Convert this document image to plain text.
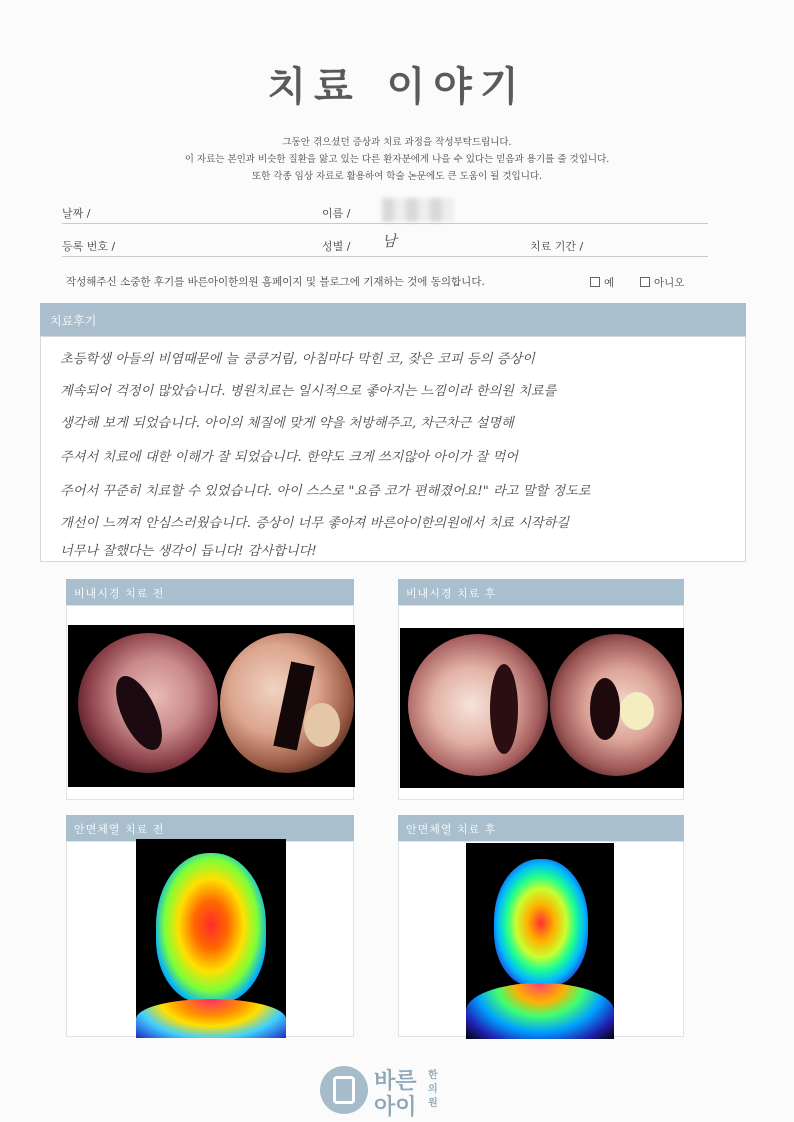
치료 이야기
그동안 겪으셨던 증상과 치료 과정을 작성부탁드립니다.
이 자료는 본인과 비슷한 질환을 앓고 있는 다른 환자분에게 나을 수 있다는 믿음과 용기를 줄 것입니다.
또한 각종 임상 자료로 활용하여 학술 논문에도 큰 도움이 될 것입니다.
날짜 /	이름 /
등록 번호 /	성별 / 남	치료 기간 /
작성해주신 소중한 후기를 바른아이한의원 홈페이지 및 블로그에 기재하는 것에 동의합니다.	예	아니오
치료후기
초등학생 아들의 비염때문에 늘 킁킁거림, 아침마다 막힌 코, 잦은 코피 등의 증상이
계속되어 걱정이 많았습니다. 병원치료는 일시적으로 좋아지는 느낌이라 한의원 치료를
생각해 보게 되었습니다. 아이의 체질에 맞게 약을 처방해주고, 차근차근 설명해
주셔서 치료에 대한 이해가 잘 되었습니다. 한약도 크게 쓰지않아 아이가 잘 먹어
주어서 꾸준히 치료할 수 있었습니다. 아이 스스로 "요즘 코가 편해졌어요!" 라고 말할 정도로
개선이 느껴져 안심스러웠습니다. 증상이 너무 좋아져 바른아이한의원에서 치료 시작하길
너무나 잘했다는 생각이 듭니다! 감사합니다!
비내시경 치료 전	비내시경 치료 후
안면체열 치료 전	안면체열 치료 후
바른
아이
한
의
원
